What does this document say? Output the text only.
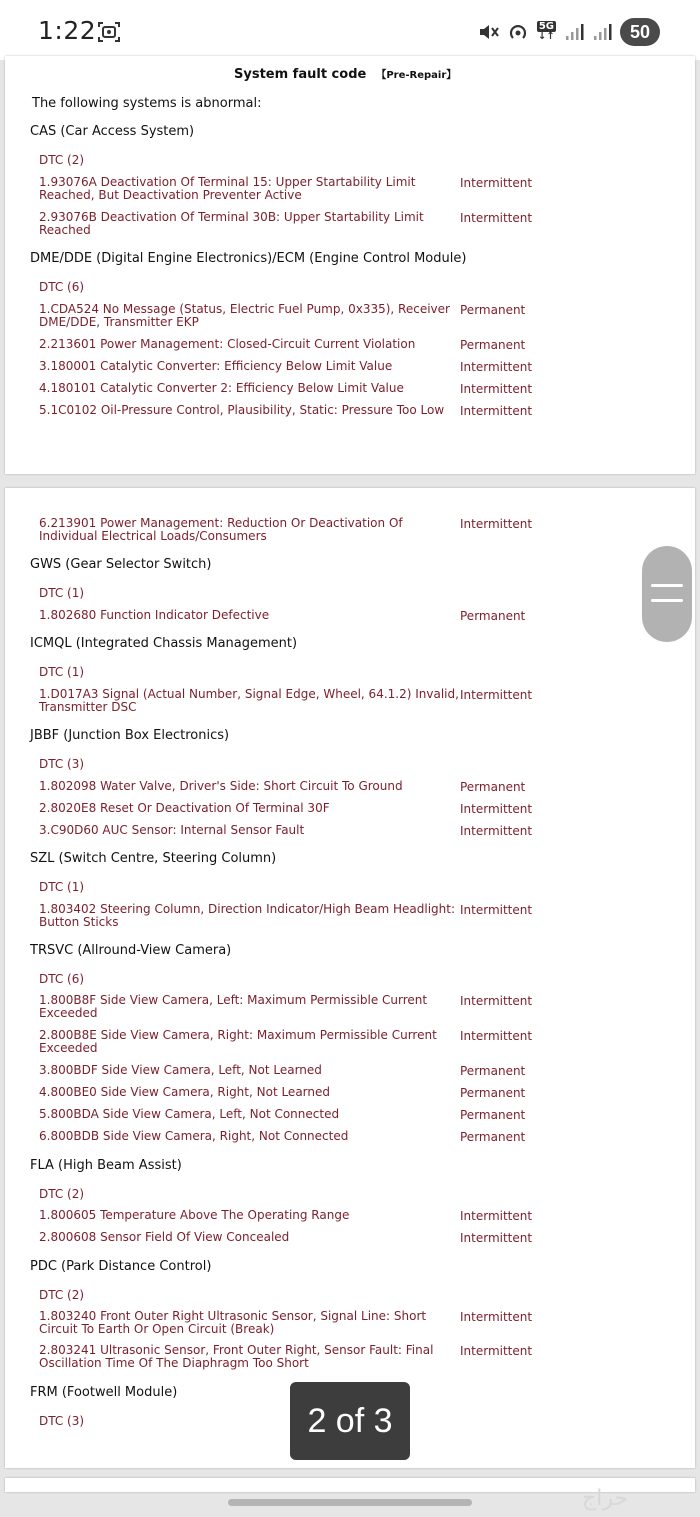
1:22	5G
↓↑	50
System fault code 【Pre-Repair】
The following systems is abnormal:
CAS (Car Access System)
DTC (2)
1.93076A Deactivation Of Terminal 15: Upper Startability Limit Reached, But Deactivation Preventer Active
Intermittent
2.93076B Deactivation Of Terminal 30B: Upper Startability Limit Reached
Intermittent
DME/DDE (Digital Engine Electronics)/ECM (Engine Control Module)
DTC (6)
1.CDA524 No Message (Status, Electric Fuel Pump, 0x335), Receiver DME/DDE, Transmitter EKP
Permanent
2.213601 Power Management: Closed-Circuit Current Violation	Permanent
3.180001 Catalytic Converter: Efficiency Below Limit Value	Intermittent
4.180101 Catalytic Converter 2: Efficiency Below Limit Value	Intermittent
5.1C0102 Oil-Pressure Control, Plausibility, Static: Pressure Too Low	Intermittent
6.213901 Power Management: Reduction Or Deactivation Of Individual Electrical Loads/Consumers
Intermittent
GWS (Gear Selector Switch)
DTC (1)
1.802680 Function Indicator Defective	Permanent
ICMQL (Integrated Chassis Management)
DTC (1)
1.D017A3 Signal (Actual Number, Signal Edge, Wheel, 64.1.2) Invalid, Transmitter DSC
Intermittent
JBBF (Junction Box Electronics)
DTC (3)
1.802098 Water Valve, Driver's Side: Short Circuit To Ground	Permanent
2.8020E8 Reset Or Deactivation Of Terminal 30F	Intermittent
3.C90D60 AUC Sensor: Internal Sensor Fault	Intermittent
SZL (Switch Centre, Steering Column)
DTC (1)
1.803402 Steering Column, Direction Indicator/High Beam Headlight: Button Sticks
Intermittent
TRSVC (Allround-View Camera)
DTC (6)
1.800B8F Side View Camera, Left: Maximum Permissible Current Exceeded
Intermittent
2.800B8E Side View Camera, Right: Maximum Permissible Current Exceeded
Intermittent
3.800BDF Side View Camera, Left, Not Learned	Permanent
4.800BE0 Side View Camera, Right, Not Learned	Permanent
5.800BDA Side View Camera, Left, Not Connected	Permanent
6.800BDB Side View Camera, Right, Not Connected	Permanent
FLA (High Beam Assist)
DTC (2)
1.800605 Temperature Above The Operating Range	Intermittent
2.800608 Sensor Field Of View Concealed	Intermittent
PDC (Park Distance Control)
DTC (2)
1.803240 Front Outer Right Ultrasonic Sensor, Signal Line: Short Circuit To Earth Or Open Circuit (Break)
Intermittent
2.803241 Ultrasonic Sensor, Front Outer Right, Sensor Fault: Final Oscillation Time Of The Diaphragm Too Short
Intermittent
FRM (Footwell Module)
DTC (3)	2 of 3
حراج
